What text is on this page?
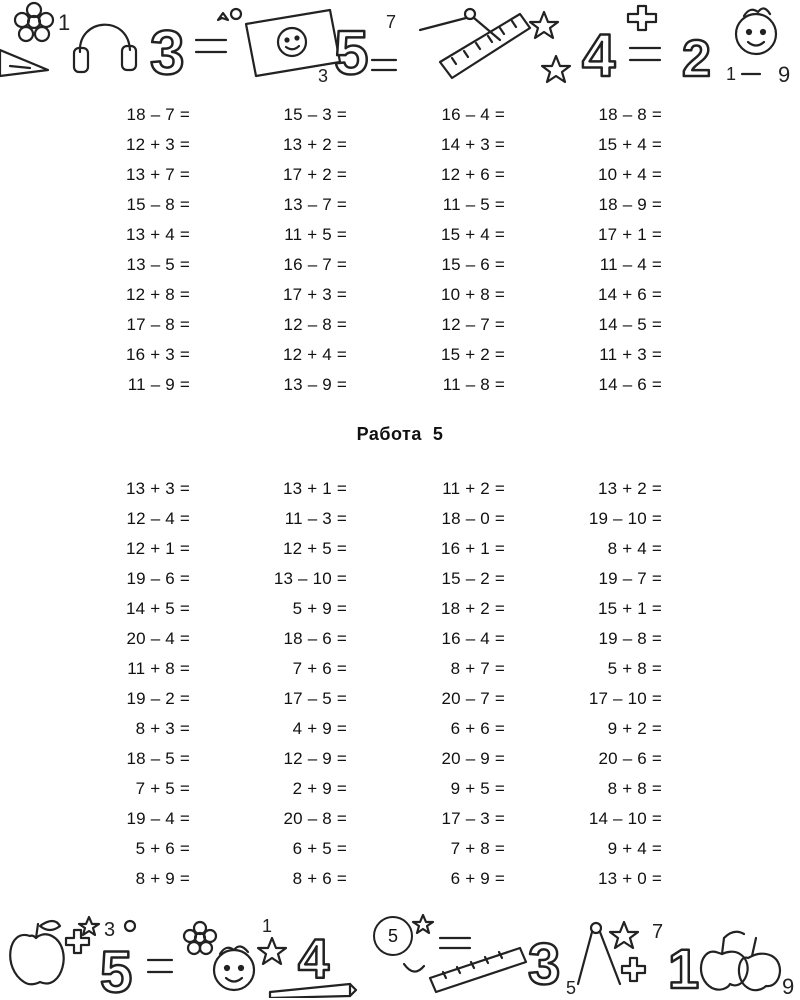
1 3 5 7
3	4 2 1 9
18 – 7 =	15 – 3 =	16 – 4 =	18 – 8 =
12 + 3 =	13 + 2 =	14 + 3 =	15 + 4 =
13 + 7 =	17 + 2 =	12 + 6 =	10 + 4 =
15 – 8 =	13 – 7 =	11 – 5 =	18 – 9 =
13 + 4 =	11 + 5 =	15 + 4 =	17 + 1 =
13 – 5 =	16 – 7 =	15 – 6 =	11 – 4 =
12 + 8 =	17 + 3 =	10 + 8 =	14 + 6 =
17 – 8 =	12 – 8 =	12 – 7 =	14 – 5 =
16 + 3 =	12 + 4 =	15 + 2 =	11 + 3 =
11 – 9 =	13 – 9 =	11 – 8 =	14 – 6 =
Работа  5
13 + 3 =	13 + 1 =	11 + 2 =	13 + 2 =
12 – 4 =	11 – 3 =	18 – 0 =	19 – 10 =
12 + 1 =	12 + 5 =	16 + 1 =	8 + 4 =
19 – 6 =	13 – 10 =	15 – 2 =	19 – 7 =
14 + 5 =	5 + 9 =	18 + 2 =	15 + 1 =
20 – 4 =	18 – 6 =	16 – 4 =	19 – 8 =
11 + 8 =	7 + 6 =	8 + 7 =	5 + 8 =
19 – 2 =	17 – 5 =	20 – 7 =	17 – 10 =
8 + 3 =	4 + 9 =	6 + 6 =	9 + 2 =
18 – 5 =	12 – 9 =	20 – 9 =	20 – 6 =
7 + 5 =	2 + 9 =	9 + 5 =	8 + 8 =
19 – 4 =	20 – 8 =	17 – 3 =	14 – 10 =
5 + 6 =	6 + 5 =	7 + 8 =	9 + 4 =
8 + 9 =	8 + 6 =	6 + 9 =	13 + 0 =
3
5
1
4	3 5
7
1	9
5
